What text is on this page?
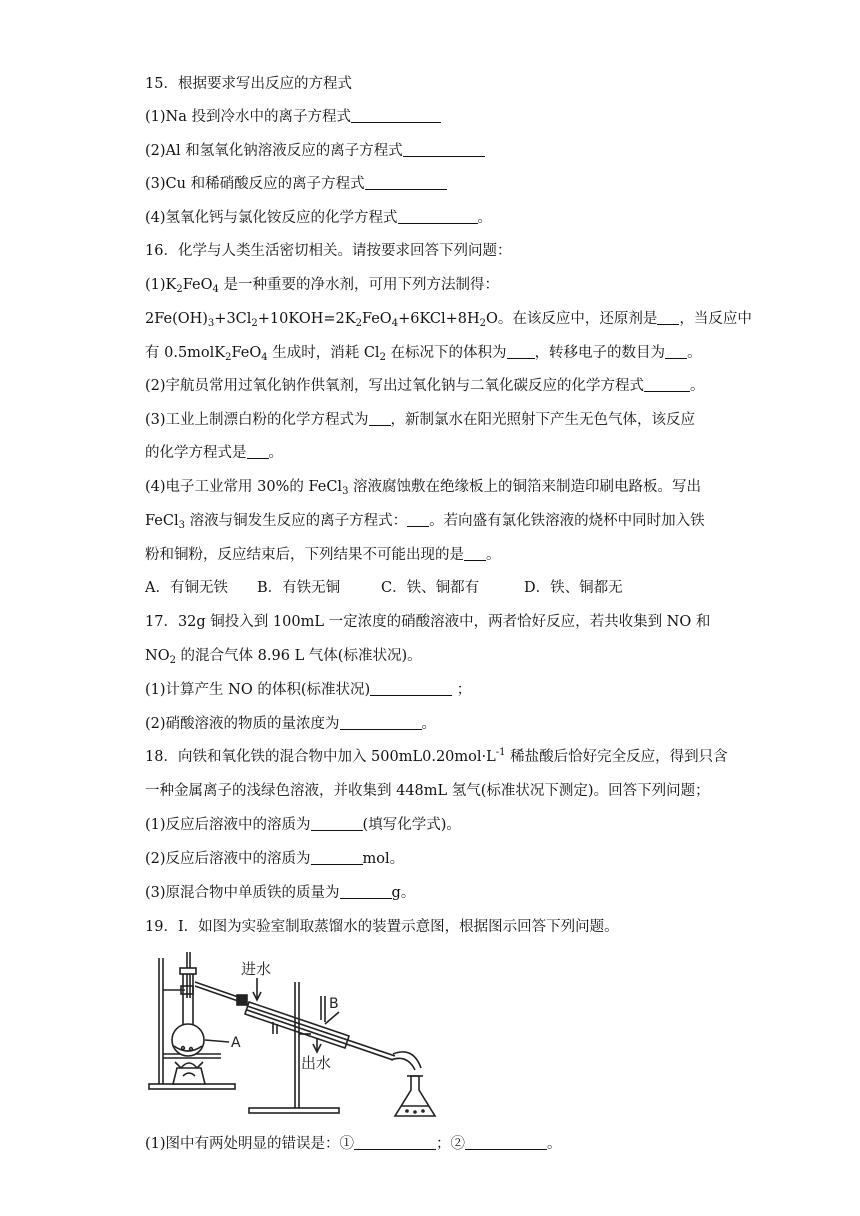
15．根据要求写出反应的方程式
(1)Na 投到冷水中的离子方程式
(2)Al 和氢氧化钠溶液反应的离子方程式
(3)Cu 和稀硝酸反应的离子方程式
(4)氢氧化钙与氯化铵反应的化学方程式	。
16．化学与人类生活密切相关。请按要求回答下列问题：
$(1)K_2FeO_4$ 是一种重要的净水剂，可用下列方法制得：
$2Fe(OH)_3+3Cl_2+10KOH=2K_2FeO_4+6KCl+8H_2O$。在该反应中，还原剂是 ，当反应中
有 0.5molK$_2$FeO$_4$ 生成时，消耗 $Cl_2$ 在标况下的体积为 ，转移电子的数目为 。
(2)宇航员常用过氧化钠作供氧剂，写出过氧化钠与二氧化碳反应的化学方程式	。
(3)工业上制漂白粉的化学方程式为 ，新制氯水在阳光照射下产生无色气体，该反应
的化学方程式是 。
(4)电子工业常用 30%的 FeCl$_3$ 溶液腐蚀敷在绝缘板上的铜箔来制造印刷电路板。写出
FeCl$_3$ 溶液与铜发生反应的离子方程式： 。若向盛有氯化铁溶液的烧杯中同时加入铁
粉和铜粉，反应结束后，下列结果不可能出现的是 。
A．有铜无铁 B．有铁无铜	C．铁、铜都有	D．铁、铜都无
17．32g 铜投入到 100mL 一定浓度的硝酸溶液中，两者恰好反应，若共收集到 NO 和
$NO_2$ 的混合气体 8.96 L 气体(标准状况)。
(1)计算产生 NO 的体积(标准状况)	；
(2)硝酸溶液的物质的量浓度为	。
18．向铁和氧化铁的混合物中加入 $500mL0.20mol\cdot L^{-1}$ 稀盐酸后恰好完全反应，得到只含
一种金属离子的浅绿色溶液，并收集到 448mL 氢气(标准状况下测定)。回答下列问题；
(1)反应后溶液中的溶质为	(填写化学式)。
(2)反应后溶液中的溶质为	mol。
(3)原混合物中单质铁的质量为	g。
19．I．如图为实验室制取蒸馏水的装置示意图，根据图示回答下列问题。
进水
出水
A
B
(1)图中有两处明显的错误是：①	；②	。
